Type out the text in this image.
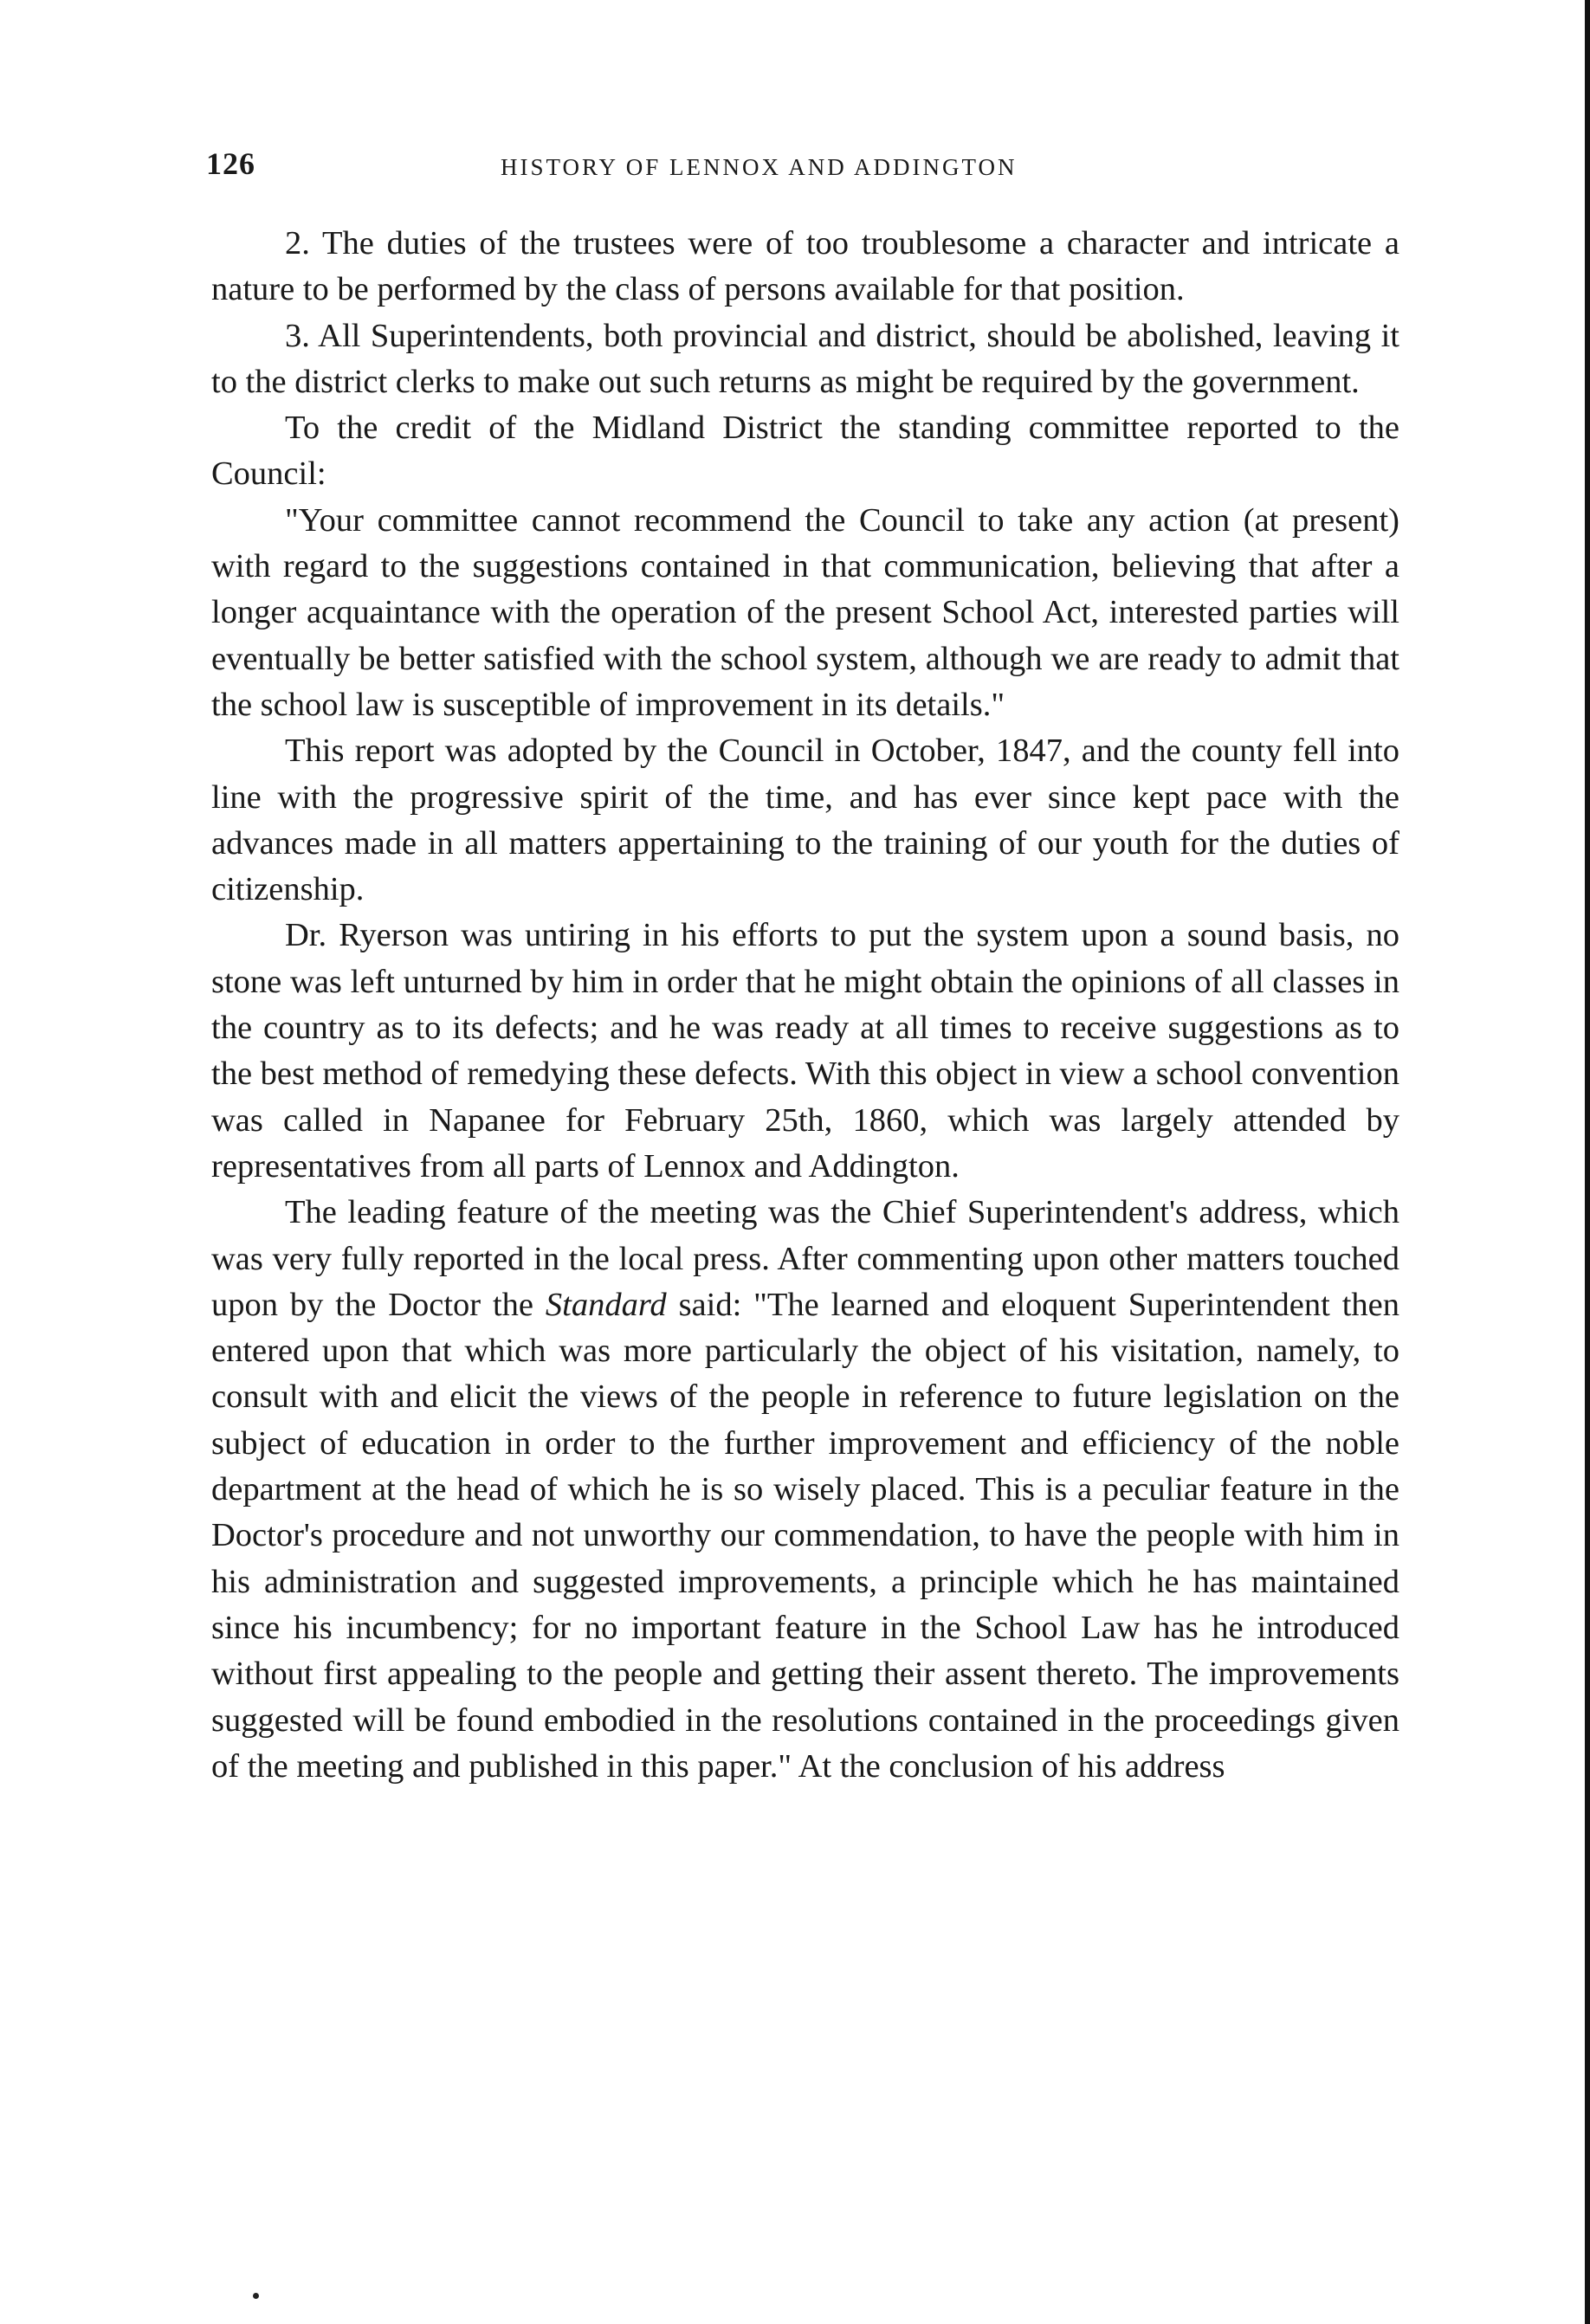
126	HISTORY OF LENNOX AND ADDINGTON

2. The duties of the trustees were of too troublesome a character and intricate a nature to be performed by the class of persons available for that position.

3. All Superintendents, both provincial and district, should be abolished, leaving it to the district clerks to make out such returns as might be required by the government.

To the credit of the Midland District the standing committee reported to the Council:

"Your committee cannot recommend the Council to take any action (at present) with regard to the suggestions contained in that communication, believing that after a longer acquaintance with the operation of the present School Act, interested parties will eventually be better satisfied with the school system, although we are ready to admit that the school law is susceptible of improvement in its details."

This report was adopted by the Council in October, 1847, and the county fell into line with the progressive spirit of the time, and has ever since kept pace with the advances made in all matters appertaining to the training of our youth for the duties of citizenship.

Dr. Ryerson was untiring in his efforts to put the system upon a sound basis, no stone was left unturned by him in order that he might obtain the opinions of all classes in the country as to its defects; and he was ready at all times to receive suggestions as to the best method of remedying these defects. With this object in view a school convention was called in Napanee for February 25th, 1860, which was largely attended by representatives from all parts of Lennox and Addington.

The leading feature of the meeting was the Chief Superintendent's address, which was very fully reported in the local press. After commenting upon other matters touched upon by the Doctor the Standard said: "The learned and eloquent Superintendent then entered upon that which was more particularly the object of his visitation, namely, to consult with and elicit the views of the people in reference to future legislation on the subject of education in order to the further improvement and efficiency of the noble department at the head of which he is so wisely placed. This is a peculiar feature in the Doctor's procedure and not unworthy our commendation, to have the people with him in his administration and suggested improvements, a principle which he has maintained since his incumbency; for no important feature in the School Law has he introduced without first appealing to the people and getting their assent thereto. The improvements suggested will be found embodied in the resolutions contained in the proceedings given of the meeting and published in this paper." At the conclusion of his address
